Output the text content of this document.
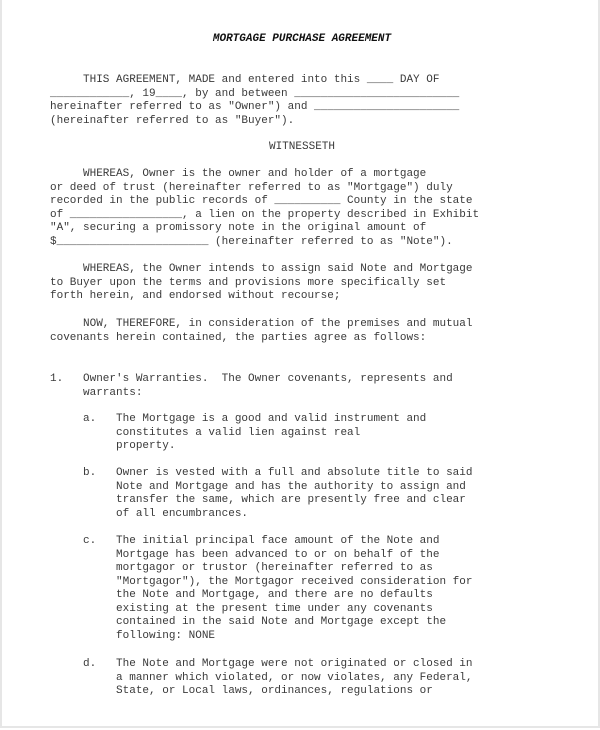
MORTGAGE PURCHASE AGREEMENT
THIS AGREEMENT, MADE and entered into this ____ DAY OF
____________, 19____, by and between _________________________
hereinafter referred to as "Owner") and ______________________
(hereinafter referred to as "Buyer").
WITNESSETH
WHEREAS, Owner is the owner and holder of a mortgage
or deed of trust (hereinafter referred to as "Mortgage") duly
recorded in the public records of __________ County in the state
of _________________, a lien on the property described in Exhibit
"A", securing a promissory note in the original amount of
$_______________________ (hereinafter referred to as "Note").
WHEREAS, the Owner intends to assign said Note and Mortgage
to Buyer upon the terms and provisions more specifically set
forth herein, and endorsed without recourse;
NOW, THEREFORE, in consideration of the premises and mutual
covenants herein contained, the parties agree as follows:
1.   Owner's Warranties.  The Owner covenants, represents and
warrants:
a.   The Mortgage is a good and valid instrument and
constitutes a valid lien against real
property.
b.   Owner is vested with a full and absolute title to said
Note and Mortgage and has the authority to assign and
transfer the same, which are presently free and clear
of all encumbrances.
c.   The initial principal face amount of the Note and
Mortgage has been advanced to or on behalf of the
mortgagor or trustor (hereinafter referred to as
"Mortgagor"), the Mortgagor received consideration for
the Note and Mortgage, and there are no defaults
existing at the present time under any covenants
contained in the said Note and Mortgage except the
following: NONE
d.   The Note and Mortgage were not originated or closed in
a manner which violated, or now violates, any Federal,
State, or Local laws, ordinances, regulations or
